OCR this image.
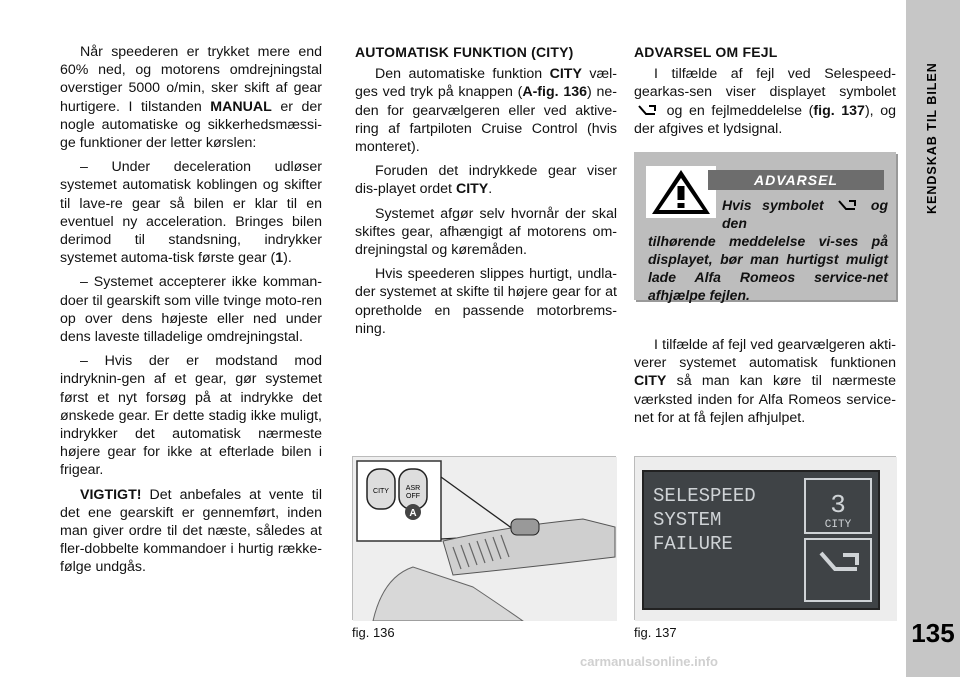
KENDSKAB TIL BILEN
135

Når speederen er trykket mere end 60% ned, og motorens omdrejningstal overstiger 5000 o/min, sker skift af gear hurtigere. I tilstanden MANUAL er der nogle automatiske og sikkerhedsmæssi-ge funktioner der letter kørslen:

– Under deceleration udløser systemet automatisk koblingen og skifter til lave-re gear så bilen er klar til en eventuel ny acceleration. Bringes bilen derimod til standsning, indrykker systemet automa-tisk første gear (1).

– Systemet accepterer ikke komman-doer til gearskift som ville tvinge moto-ren op over dens højeste eller ned under dens laveste tilladelige omdrejningstal.

– Hvis der er modstand mod indryknin-gen af et gear, gør systemet først et nyt forsøg på at indrykke det ønskede gear. Er dette stadig ikke muligt, indrykker det automatisk nærmeste højere gear for ikke at efterlade bilen i frigear.

VIGTIGT! Det anbefales at vente til det ene gearskift er gennemført, inden man giver ordre til det næste, således at fler-dobbelte kommandoer i hurtig række-følge undgås.

AUTOMATISK FUNKTION (CITY)

Den automatiske funktion CITY væl-ges ved tryk på knappen (A-fig. 136) ne-den for gearvælgeren eller ved aktive-ring af fartpiloten Cruise Control (hvis monteret).

Foruden det indrykkede gear viser dis-playet ordet CITY.

Systemet afgør selv hvornår der skal skiftes gear, afhængigt af motorens om-drejningstal og køremåden.

Hvis speederen slippes hurtigt, undla-der systemet at skifte til højere gear for at opretholde en passende motorbrems-ning.

ADVARSEL OM FEJL

I tilfælde af fejl ved Selespeed-gearkas-sen viser displayet symbolet  og en fejlmeddelelse (fig. 137), og der afgives et lydsignal.

I tilfælde af fejl ved gearvælgeren akti-verer systemet automatisk funktionen CITY så man kan køre til nærmeste værksted inden for Alfa Romeos service-net for at få fejlen afhjulpet.

ADVARSEL
Hvis symbolet	og den
tilhørende meddelelse vi-ses på displayet, bør man hurtigst muligt lade Alfa Romeos service-net afhjælpe fejlen.
CITY ASR
OFF
A
fig. 136
SELESPEED
SYSTEM
FAILURE
3
CITY
fig. 137
carmanualsonline.info
